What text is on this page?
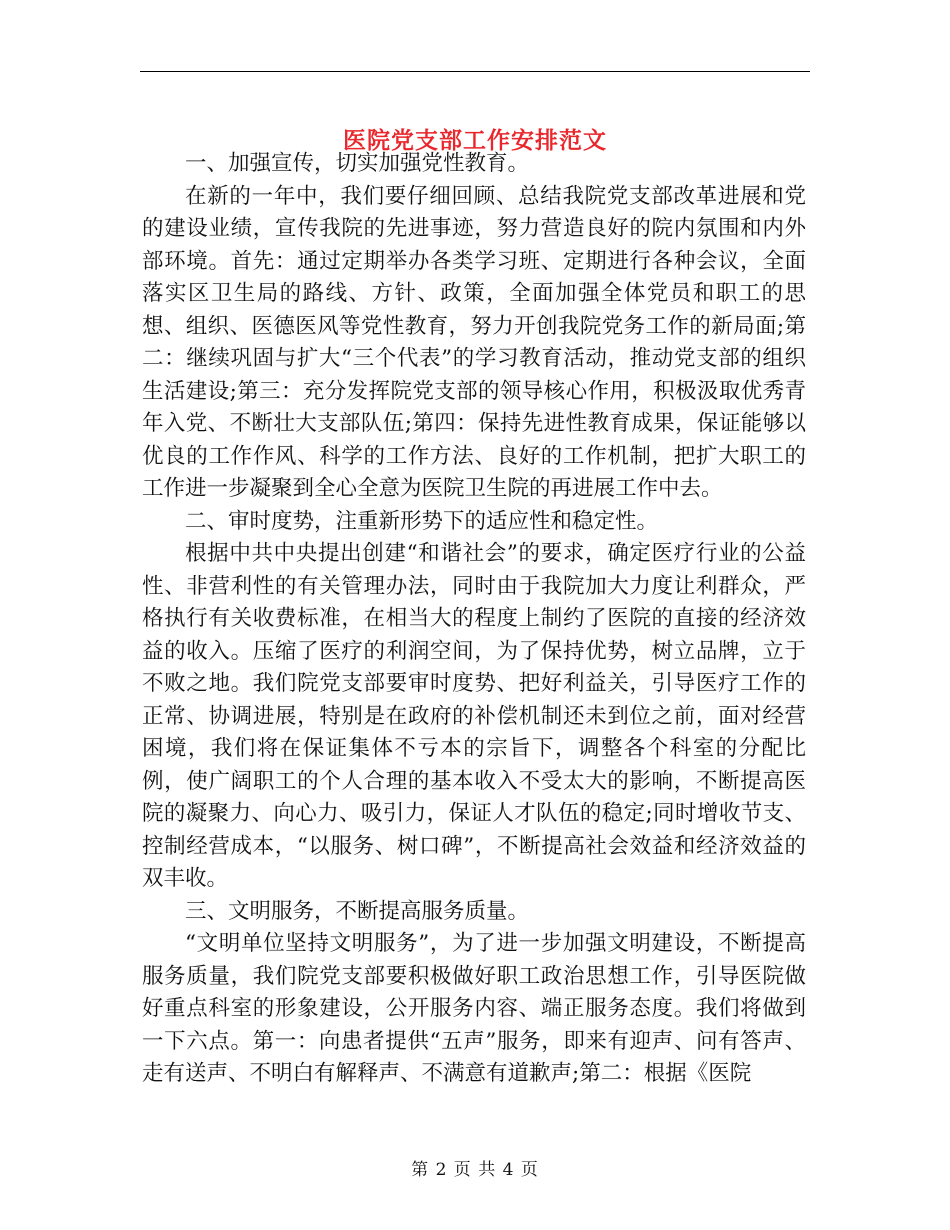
医院党支部工作安排范文

一、加强宣传，切实加强党性教育。

在新的一年中，我们要仔细回顾、总结我院党支部改革进展和党的建设业绩，宣传我院的先进事迹，努力营造良好的院内氛围和内外部环境。首先：通过定期举办各类学习班、定期进行各种会议，全面落实区卫生局的路线、方针、政策，全面加强全体党员和职工的思想、组织、医德医风等党性教育，努力开创我院党务工作的新局面;第二：继续巩固与扩大“三个代表”的学习教育活动，推动党支部的组织生活建设;第三：充分发挥院党支部的领导核心作用，积极汲取优秀青年入党、不断壮大支部队伍;第四：保持先进性教育成果，保证能够以优良的工作作风、科学的工作方法、良好的工作机制，把扩大职工的工作进一步凝聚到全心全意为医院卫生院的再进展工作中去。

二、审时度势，注重新形势下的适应性和稳定性。

根据中共中央提出创建“和谐社会”的要求，确定医疗行业的公益性、非营利性的有关管理办法，同时由于我院加大力度让利群众，严格执行有关收费标准，在相当大的程度上制约了医院的直接的经济效益的收入。压缩了医疗的利润空间，为了保持优势，树立品牌，立于不败之地。我们院党支部要审时度势、把好利益关，引导医疗工作的正常、协调进展，特别是在政府的补偿机制还未到位之前，面对经营困境，我们将在保证集体不亏本的宗旨下，调整各个科室的分配比例，使广阔职工的个人合理的基本收入不受太大的影响，不断提高医院的凝聚力、向心力、吸引力，保证人才队伍的稳定;同时增收节支、控制经营成本，“以服务、树口碑”，不断提高社会效益和经济效益的双丰收。

三、文明服务，不断提高服务质量。

“文明单位坚持文明服务”，为了进一步加强文明建设，不断提高服务质量，我们院党支部要积极做好职工政治思想工作，引导医院做好重点科室的形象建设，公开服务内容、端正服务态度。我们将做到一下六点。第一：向患者提供“五声”服务，即来有迎声、问有答声、走有送声、不明白有解释声、不满意有道歉声;第二：根据《医院

第 2 页 共 4 页
